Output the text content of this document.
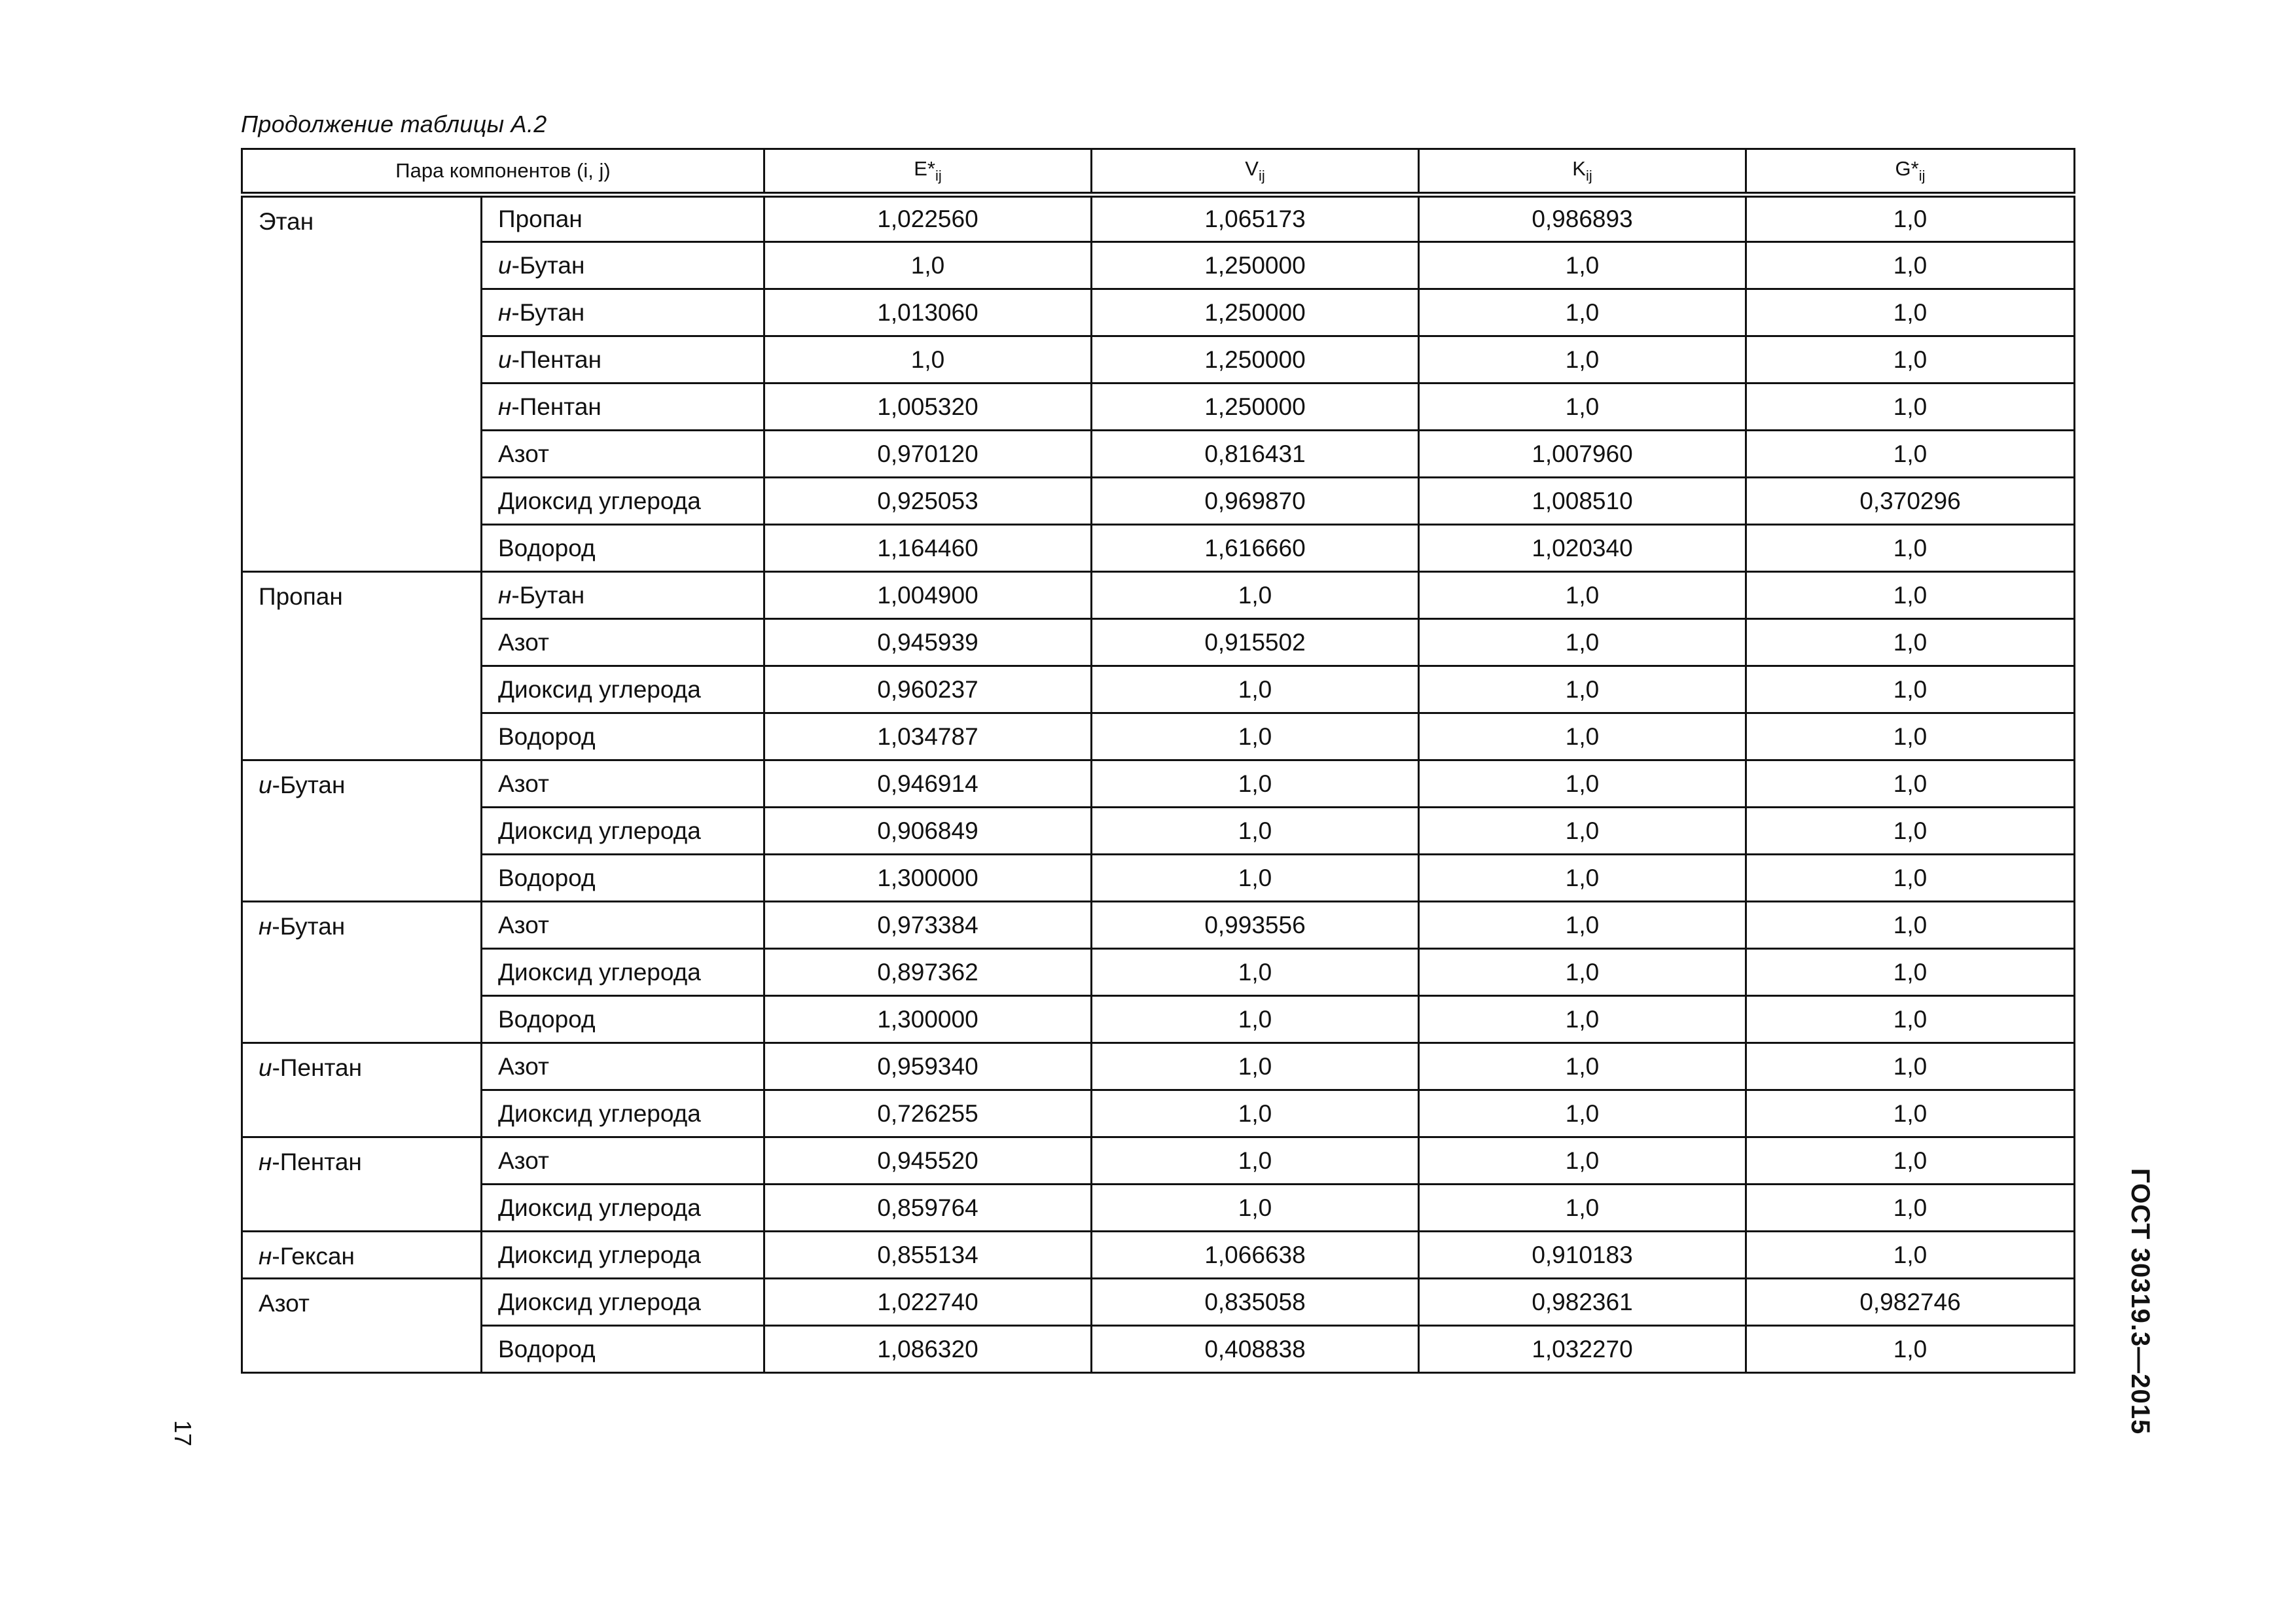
Продолжение таблицы А.2
Пара компонентов (i, j)		$E*_{ij}$	$V_{ij}$	$K_{ij}$	$G*_{ij}$
Этан	Пропан	1,022560	1,065173	0,986893	1,0
	и-Бутан	1,0	1,250000	1,0	1,0
	н-Бутан	1,013060	1,250000	1,0	1,0
	и-Пентан	1,0	1,250000	1,0	1,0
	н-Пентан	1,005320	1,250000	1,0	1,0
	Азот	0,970120	0,816431	1,007960	1,0
	Диоксид углерода	0,925053	0,969870	1,008510	0,370296
	Водород	1,164460	1,616660	1,020340	1,0
Пропан	н-Бутан	1,004900	1,0	1,0	1,0
	Азот	0,945939	0,915502	1,0	1,0
	Диоксид углерода	0,960237	1,0	1,0	1,0
	Водород	1,034787	1,0	1,0	1,0
и-Бутан	Азот	0,946914	1,0	1,0	1,0
	Диоксид углерода	0,906849	1,0	1,0	1,0
	Водород	1,300000	1,0	1,0	1,0
н-Бутан	Азот	0,973384	0,993556	1,0	1,0
	Диоксид углерода	0,897362	1,0	1,0	1,0
	Водород	1,300000	1,0	1,0	1,0
и-Пентан	Азот	0,959340	1,0	1,0	1,0
	Диоксид углерода	0,726255	1,0	1,0	1,0
н-Пентан	Азот	0,945520	1,0	1,0	1,0
	Диоксид углерода	0,859764	1,0	1,0	1,0
н-Гексан	Диоксид углерода	0,855134	1,066638	0,910183	1,0
Азот	Диоксид углерода	1,022740	0,835058	0,982361	0,982746
	Водород	1,086320	0,408838	1,032270	1,0
17	ГОСТ 30319.3—2015
